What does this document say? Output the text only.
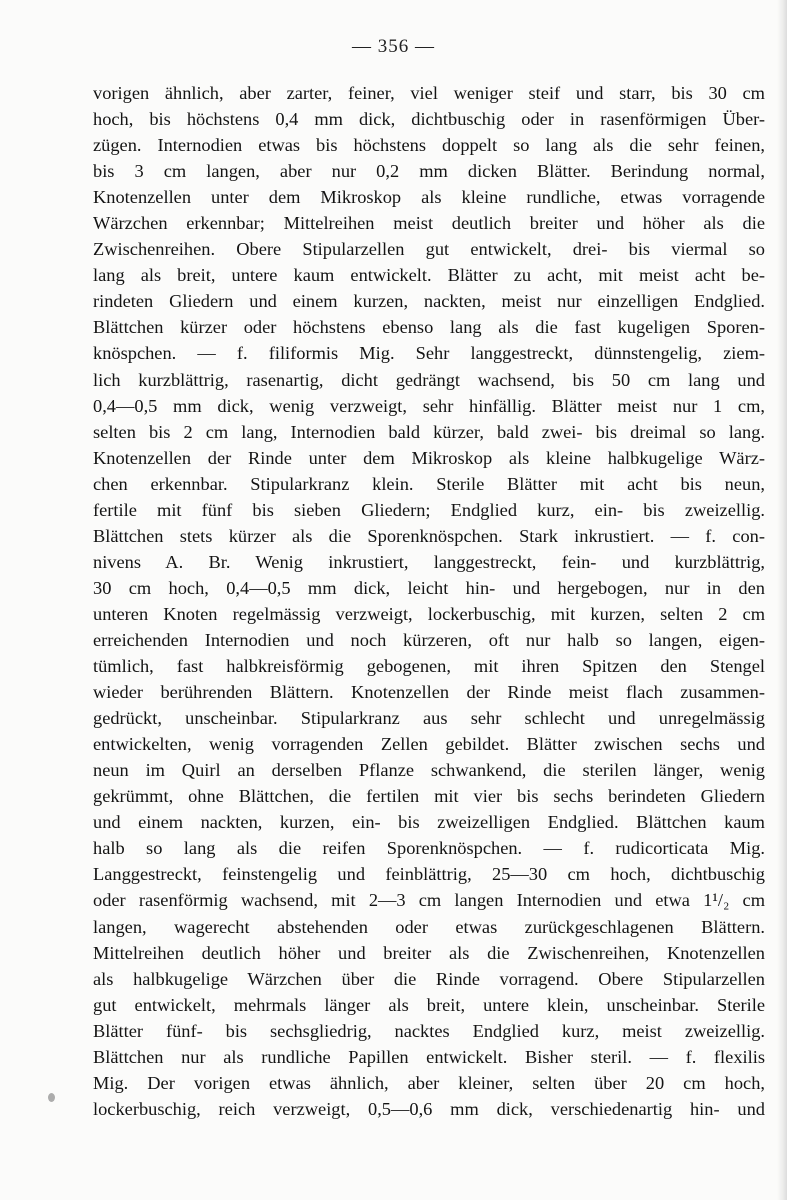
— 356 —
vorigen ähnlich, aber zarter, feiner, viel weniger steif und starr, bis 30 cm
hoch, bis höchstens 0,4 mm dick, dichtbuschig oder in rasenförmigen Über-
zügen. Internodien etwas bis höchstens doppelt so lang als die sehr feinen,
bis 3 cm langen, aber nur 0,2 mm dicken Blätter. Berindung normal,
Knotenzellen unter dem Mikroskop als kleine rundliche, etwas vorragende
Wärzchen erkennbar; Mittelreihen meist deutlich breiter und höher als die
Zwischenreihen. Obere Stipularzellen gut entwickelt, drei- bis viermal so
lang als breit, untere kaum entwickelt. Blätter zu acht, mit meist acht be-
rindeten Gliedern und einem kurzen, nackten, meist nur einzelligen Endglied.
Blättchen kürzer oder höchstens ebenso lang als die fast kugeligen Sporen-
knöspchen. — f. filiformis Mig. Sehr langgestreckt, dünnstengelig, ziem-
lich kurzblättrig, rasenartig, dicht gedrängt wachsend, bis 50 cm lang und
0,4—0,5 mm dick, wenig verzweigt, sehr hinfällig. Blätter meist nur 1 cm,
selten bis 2 cm lang, Internodien bald kürzer, bald zwei- bis dreimal so lang.
Knotenzellen der Rinde unter dem Mikroskop als kleine halbkugelige Wärz-
chen erkennbar. Stipularkranz klein. Sterile Blätter mit acht bis neun,
fertile mit fünf bis sieben Gliedern; Endglied kurz, ein- bis zweizellig.
Blättchen stets kürzer als die Sporenknöspchen. Stark inkrustiert. — f. con-
nivens A. Br. Wenig inkrustiert, langgestreckt, fein- und kurzblättrig,
30 cm hoch, 0,4—0,5 mm dick, leicht hin- und hergebogen, nur in den
unteren Knoten regelmässig verzweigt, lockerbuschig, mit kurzen, selten 2 cm
erreichenden Internodien und noch kürzeren, oft nur halb so langen, eigen-
tümlich, fast halbkreisförmig gebogenen, mit ihren Spitzen den Stengel
wieder berührenden Blättern. Knotenzellen der Rinde meist flach zusammen-
gedrückt, unscheinbar. Stipularkranz aus sehr schlecht und unregelmässig
entwickelten, wenig vorragenden Zellen gebildet. Blätter zwischen sechs und
neun im Quirl an derselben Pflanze schwankend, die sterilen länger, wenig
gekrümmt, ohne Blättchen, die fertilen mit vier bis sechs berindeten Gliedern
und einem nackten, kurzen, ein- bis zweizelligen Endglied. Blättchen kaum
halb so lang als die reifen Sporenknöspchen. — f. rudicorticata Mig.
Langgestreckt, feinstengelig und feinblättrig, 25—30 cm hoch, dichtbuschig
oder rasenförmig wachsend, mit 2—3 cm langen Internodien und etwa 1¹/₂ cm
langen, wagerecht abstehenden oder etwas zurückgeschlagenen Blättern.
Mittelreihen deutlich höher und breiter als die Zwischenreihen, Knotenzellen
als halbkugelige Wärzchen über die Rinde vorragend. Obere Stipularzellen
gut entwickelt, mehrmals länger als breit, untere klein, unscheinbar. Sterile
Blätter fünf- bis sechsgliedrig, nacktes Endglied kurz, meist zweizellig.
Blättchen nur als rundliche Papillen entwickelt. Bisher steril. — f. flexilis
Mig. Der vorigen etwas ähnlich, aber kleiner, selten über 20 cm hoch,
lockerbuschig, reich verzweigt, 0,5—0,6 mm dick, verschiedenartig hin- und
